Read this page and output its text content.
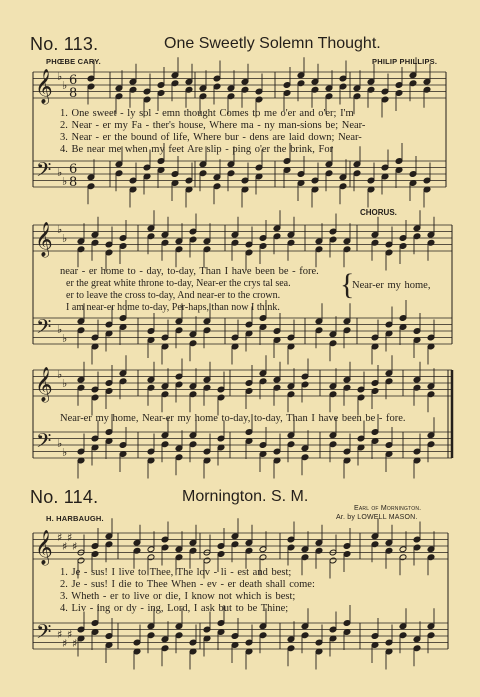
No. 113.	One Sweetly Solemn Thought.
PHŒBE CARY.	PHILIP PHILLIPS.
𝄞
𝄢
♭
♭
♭
♭
6
8
6
8
𝄞
𝄢
♭
♭
♭
♭
𝄞
𝄢
♭
♭
♭
♭
𝄞
𝄢
♯
♯
♯
♯
♯
♯
♯
♯
1. One sweet - ly sol - emn thought Comes to me o'er and o'er; I'm
2. Near - er my Fa - ther's house, Where ma - ny man-sions be; Near-
3. Near - er the bound of life, Where bur - dens are laid down; Near-
4. Be near me when my feet Are slip - ping o'er the brink, For
CHORUS.
near - er home to - day, to-day, Than I have been be - fore.
er the great white throne to-day, Near-er the crys tal sea.
er to leave the cross to-day, And near-er to the crown.
I am near-er home to-day, Per-haps, than now I think.
{
Near-er my home,
Near-er my home, Near-er my home to-day, to-day, Than I have been be - fore.
No. 114.	Mornington. S. M.
Earl of Mornington.
Ar. by LOWELL MASON.
H. HARBAUGH.
1. Je - sus! I live to Thee, The lov - li - est and best;
2. Je - sus! I die to Thee When - ev - er death shall come:
3. Wheth - er to live or die, I know not which is best;
4. Liv - ing or dy - ing, Lord, I ask but to be Thine;
